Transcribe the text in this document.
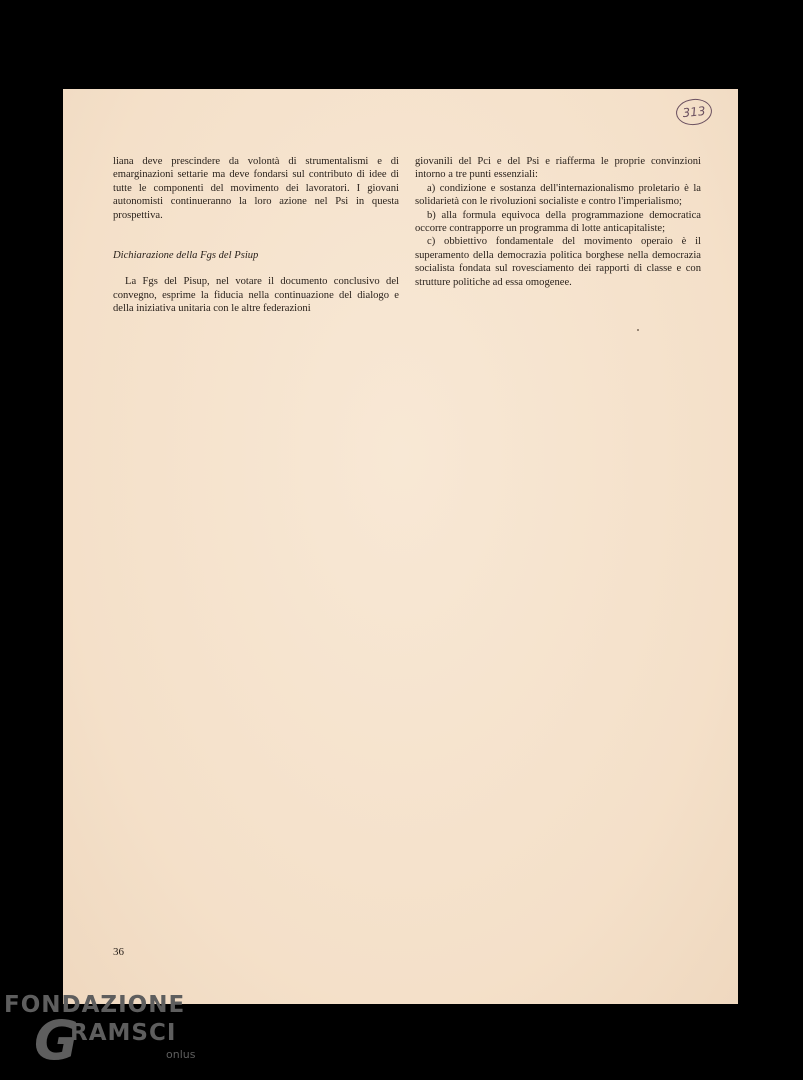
313

liana deve prescindere da volontà di strumentalismi e di emarginazioni settarie ma deve fondarsi sul contributo di idee di tutte le componenti del movimento dei lavoratori. I giovani autonomisti continueranno la loro azione nel Psi in questa prospettiva.

Dichiarazione della Fgs del Psiup

La Fgs del Pisup, nel votare il documento conclusivo del convegno, esprime la fiducia nella continuazione del dialogo e della iniziativa unitaria con le altre federazioni

giovanili del Pci e del Psi e riafferma le proprie convinzioni intorno a tre punti essenziali:

a) condizione e sostanza dell'internazionalismo proletario è la solidarietà con le rivoluzioni socialiste e contro l'imperialismo;

b) alla formula equivoca della programmazione democratica occorre contrapporre un programma di lotte anticapitaliste;

c) obbiettivo fondamentale del movimento operaio è il superamento della democrazia politica borghese nella democrazia socialista fondata sul rovesciamento dei rapporti di classe e con strutture politiche ad essa omogenee.

36
FONDAZIONE
G
RAMSCI
onlus
